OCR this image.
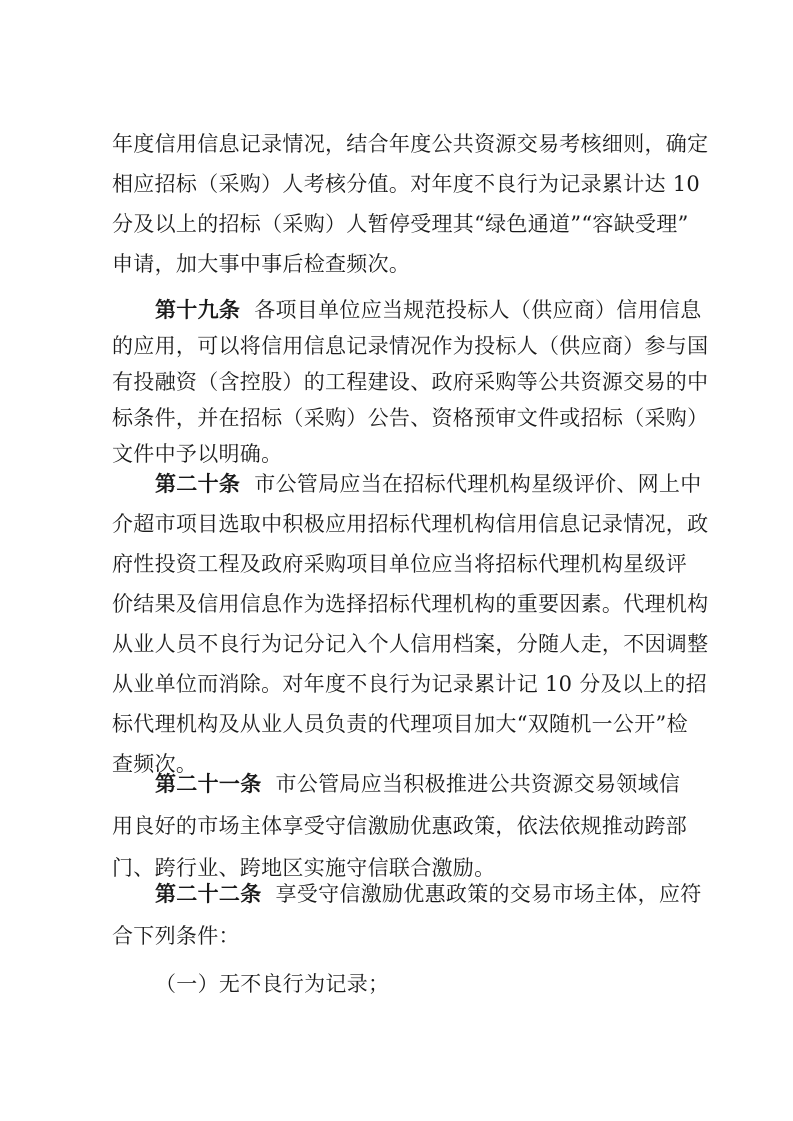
年度信用信息记录情况，结合年度公共资源交易考核细则，确定
相应招标（采购）人考核分值。对年度不良行为记录累计达 10
分及以上的招标（采购）人暂停受理其“绿色通道”“容缺受理”
申请，加大事中事后检查频次。
第十九条 各项目单位应当规范投标人（供应商）信用信息
的应用，可以将信用信息记录情况作为投标人（供应商）参与国
有投融资（含控股）的工程建设、政府采购等公共资源交易的中
标条件，并在招标（采购）公告、资格预审文件或招标（采购）
文件中予以明确。
第二十条 市公管局应当在招标代理机构星级评价、网上中
介超市项目选取中积极应用招标代理机构信用信息记录情况，政
府性投资工程及政府采购项目单位应当将招标代理机构星级评
价结果及信用信息作为选择招标代理机构的重要因素。代理机构
从业人员不良行为记分记入个人信用档案，分随人走，不因调整
从业单位而消除。对年度不良行为记录累计记 10 分及以上的招
标代理机构及从业人员负责的代理项目加大“双随机一公开”检
查频次。
第二十一条 市公管局应当积极推进公共资源交易领域信
用良好的市场主体享受守信激励优惠政策，依法依规推动跨部
门、跨行业、跨地区实施守信联合激励。
第二十二条 享受守信激励优惠政策的交易市场主体，应符
合下列条件：
（一）无不良行为记录；
